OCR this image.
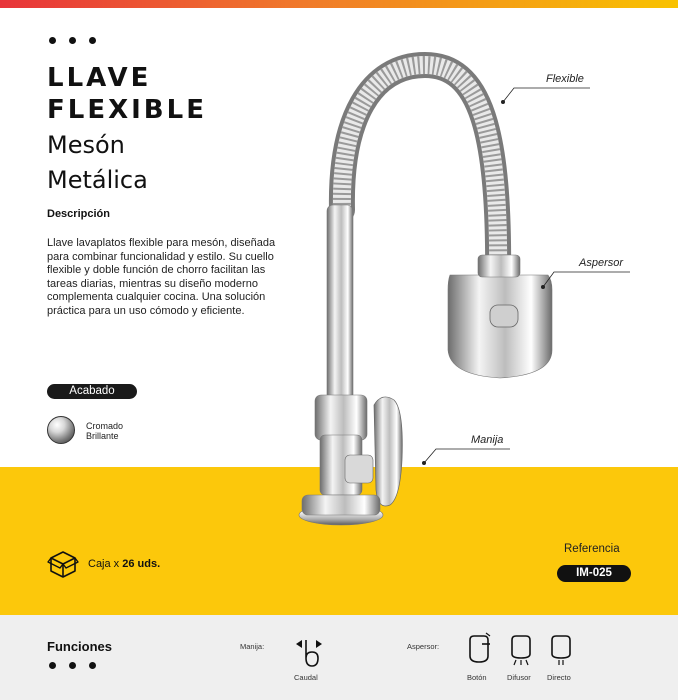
LLAVE
FLEXIBLE
Mesón
Metálica
Descripción
Llave lavaplatos flexible para mesón, diseñada para combinar funcionalidad y estilo. Su cuello flexible y doble función de chorro facilitan las tareas diarias, mientras su diseño moderno complementa cualquier cocina. Una solución práctica para un uso cómodo y eficiente.
Acabado
Cromado
Brillante
Flexible
Aspersor
Manija
Caja x 26 uds.
Referencia
IM-025
Funciones	Manija:
Caudal
Aspersor:
Botón	Difusor Directo
